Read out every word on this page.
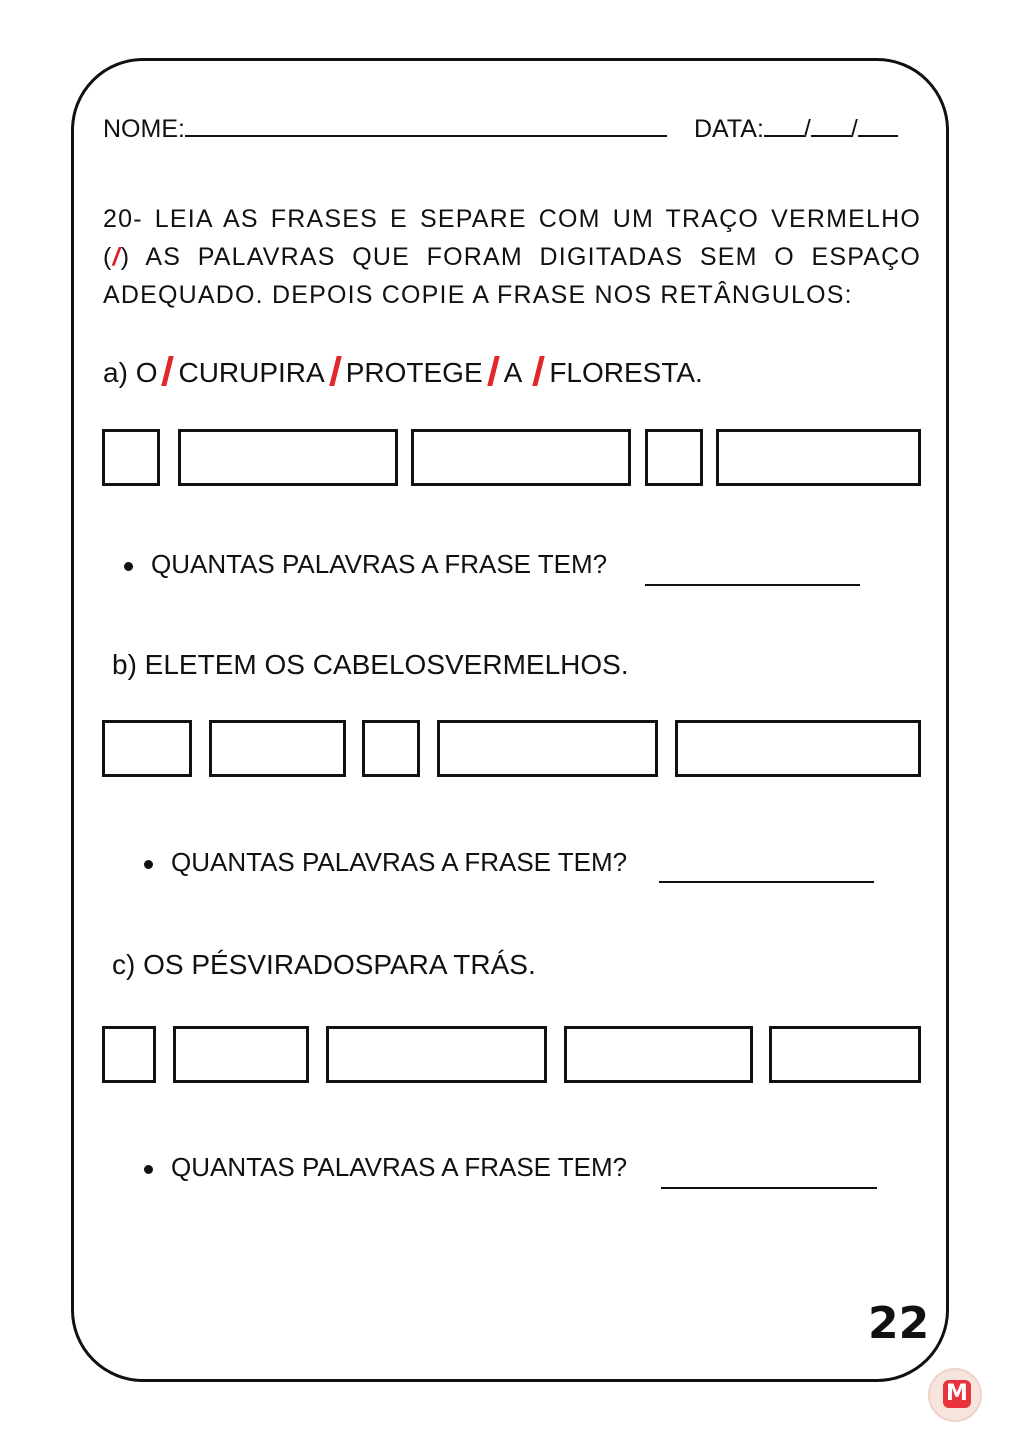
NOME:	DATA: / /
20- LEIA AS FRASES E SEPARE COM UM TRAÇO VERMELHO (/) AS PALAVRAS QUE FORAM DIGITADAS SEM O ESPAÇO ADEQUADO. DEPOIS COPIE A FRASE NOS RETÂNGULOS:
a) O CURUPIRA PROTEGE A FLORESTA.
QUANTAS PALAVRAS A FRASE TEM?
b) ELETEM OS CABELOSVERMELHOS.
QUANTAS PALAVRAS A FRASE TEM?
c) OS PÉSVIRADOSPARA TRÁS.
QUANTAS PALAVRAS A FRASE TEM?
22
M
